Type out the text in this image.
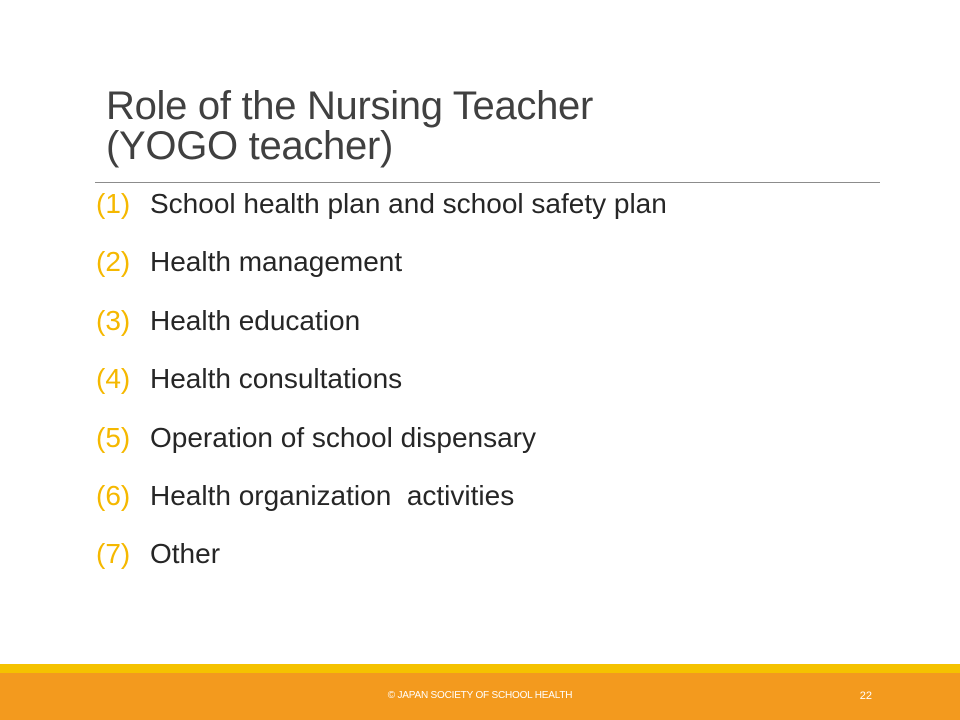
Role of the Nursing Teacher
(YOGO teacher)
(1) School health plan and school safety plan
(2) Health management
(3) Health education
(4) Health consultations
(5) Operation of school dispensary
(6) Health organization  activities
(7) Other
© JAPAN SOCIETY OF SCHOOL HEALTH	22
